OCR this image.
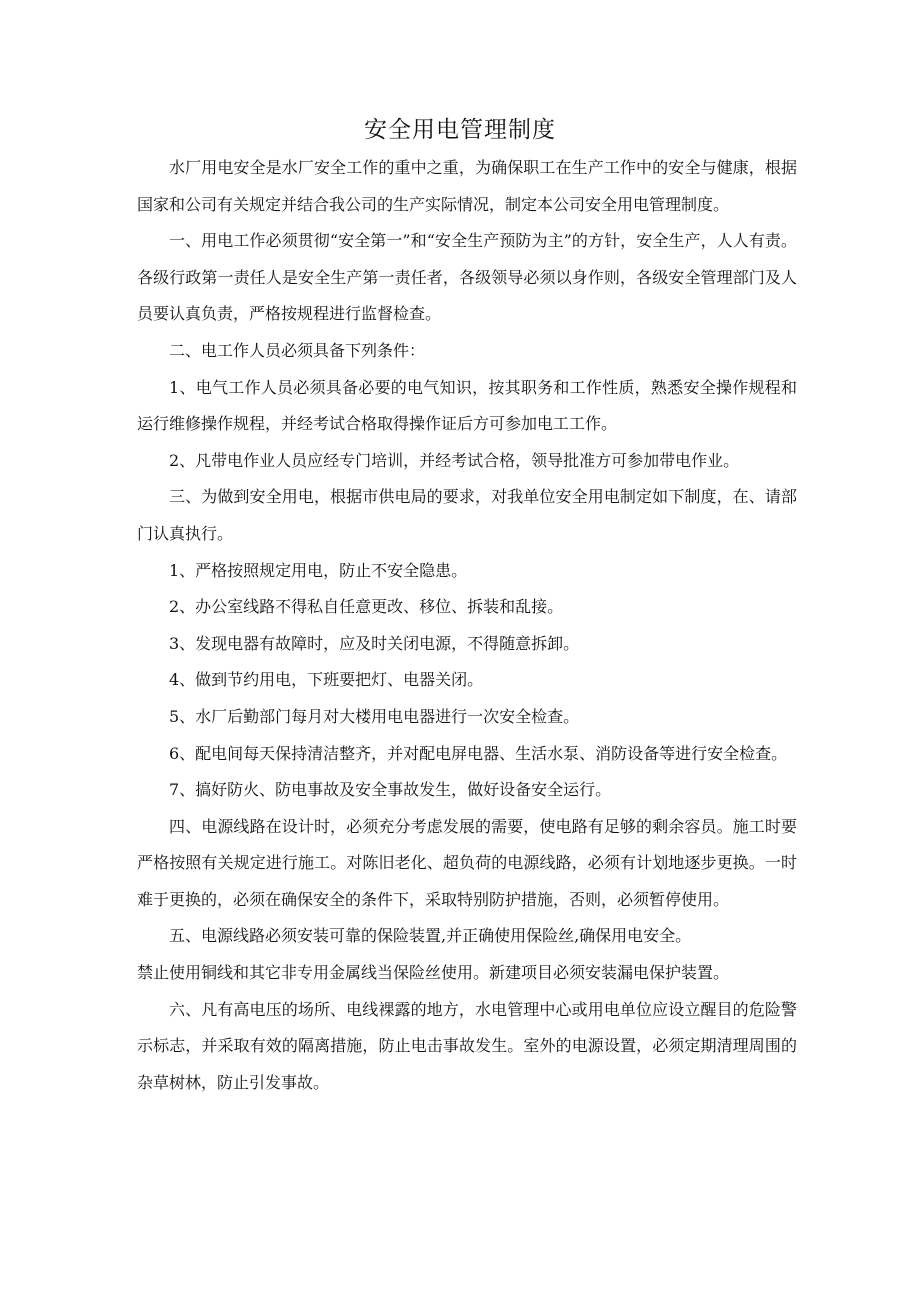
安全用电管理制度

水厂用电安全是水厂安全工作的重中之重，为确保职工在生产工作中的安全与健康，根据国家和公司有关规定并结合我公司的生产实际情况，制定本公司安全用电管理制度。

一、用电工作必须贯彻“安全第一”和“安全生产预防为主”的方针，安全生产，人人有责。各级行政第一责任人是安全生产第一责任者，各级领导必须以身作则，各级安全管理部门及人员要认真负责，严格按规程进行监督检查。

二、电工作人员必须具备下列条件：

1、电气工作人员必须具备必要的电气知识，按其职务和工作性质，熟悉安全操作规程和运行维修操作规程，并经考试合格取得操作证后方可参加电工工作。

2、凡带电作业人员应经专门培训，并经考试合格，领导批准方可参加带电作业。

三、为做到安全用电，根据市供电局的要求，对我单位安全用电制定如下制度，在、请部门认真执行。

1、严格按照规定用电，防止不安全隐患。

2、办公室线路不得私自任意更改、移位、拆装和乱接。

3、发现电器有故障时，应及时关闭电源，不得随意拆卸。

4、做到节约用电，下班要把灯、电器关闭。

5、水厂后勤部门每月对大楼用电电器进行一次安全检查。

6、配电间每天保持清洁整齐，并对配电屏电器、生活水泵、消防设备等进行安全检查。

7、搞好防火、防电事故及安全事故发生，做好设备安全运行。

四、电源线路在设计时，必须充分考虑发展的需要，使电路有足够的剩余容员。施工时要严格按照有关规定进行施工。对陈旧老化、超负荷的电源线路，必须有计划地逐步更换。一时难于更换的，必须在确保安全的条件下，采取特别防护措施，否则，必须暂停使用。

五、电源线路必须安装可靠的保险装置,并正确使用保险丝,确保用电安全。

禁止使用铜线和其它非专用金属线当保险丝使用。新建项目必须安装漏电保护装置。

六、凡有高电压的场所、电线裸露的地方，水电管理中心或用电单位应设立醒目的危险警示标志，并采取有效的隔离措施，防止电击事故发生。室外的电源设置，必须定期清理周围的杂草树林，防止引发事故。
